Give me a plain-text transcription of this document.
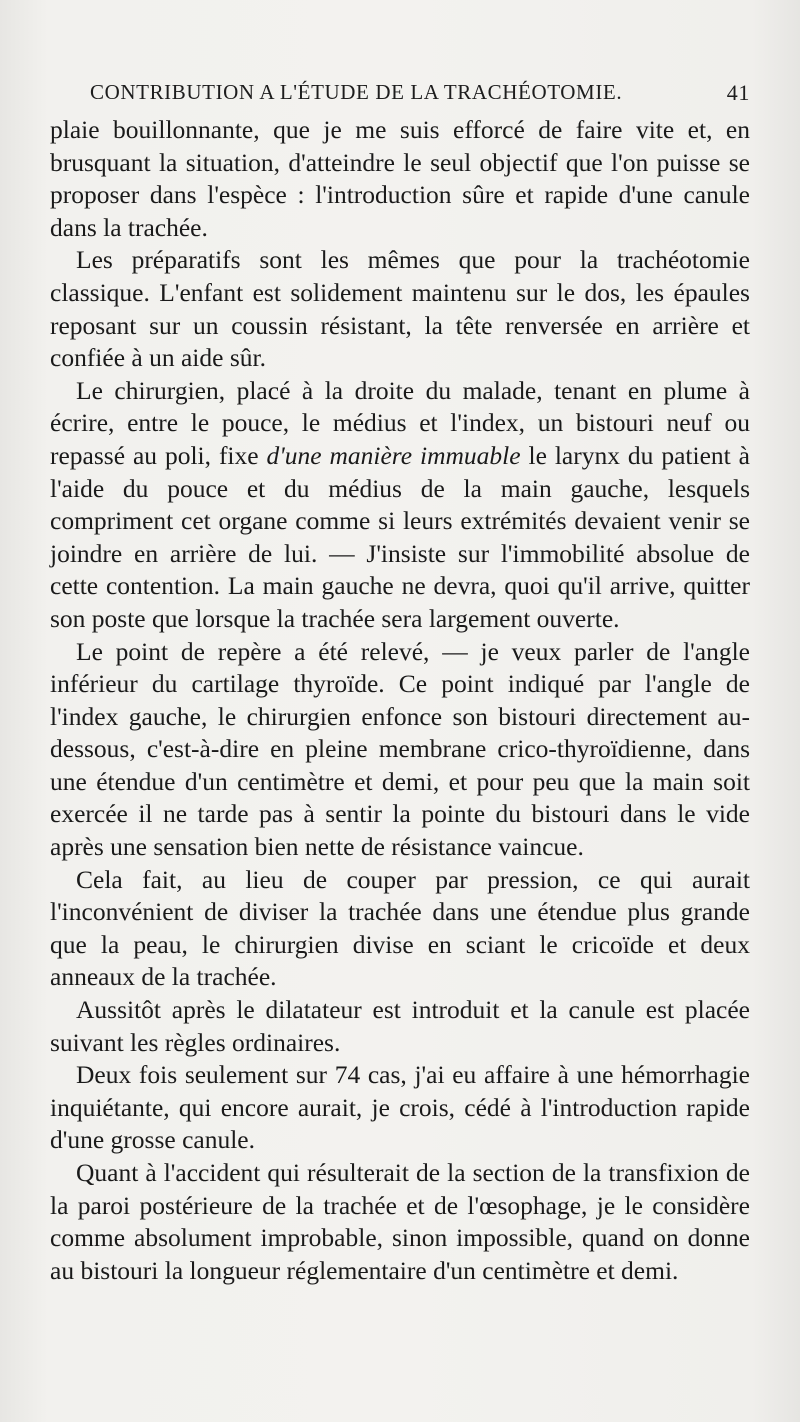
CONTRIBUTION A L'ÉTUDE DE LA TRACHÉOTOMIE.	41

plaie bouillonnante, que je me suis efforcé de faire vite et, en brusquant la situation, d'atteindre le seul objectif que l'on puisse se proposer dans l'espèce : l'introduction sûre et rapide d'une canule dans la trachée.

Les préparatifs sont les mêmes que pour la trachéotomie classique. L'enfant est solidement maintenu sur le dos, les épaules reposant sur un coussin résistant, la tête renversée en arrière et confiée à un aide sûr.

Le chirurgien, placé à la droite du malade, tenant en plume à écrire, entre le pouce, le médius et l'index, un bistouri neuf ou repassé au poli, fixe d'une manière immuable le larynx du patient à l'aide du pouce et du médius de la main gauche, lesquels compriment cet organe comme si leurs extrémités devaient venir se joindre en arrière de lui. — J'insiste sur l'immobilité absolue de cette contention. La main gauche ne devra, quoi qu'il arrive, quitter son poste que lorsque la trachée sera largement ouverte.

Le point de repère a été relevé, — je veux parler de l'angle inférieur du cartilage thyroïde. Ce point indiqué par l'angle de l'index gauche, le chirurgien enfonce son bistouri directement au-dessous, c'est-à-dire en pleine membrane crico-thyroïdienne, dans une étendue d'un centimètre et demi, et pour peu que la main soit exercée il ne tarde pas à sentir la pointe du bistouri dans le vide après une sensation bien nette de résistance vaincue.

Cela fait, au lieu de couper par pression, ce qui aurait l'inconvénient de diviser la trachée dans une étendue plus grande que la peau, le chirurgien divise en sciant le cricoïde et deux anneaux de la trachée.

Aussitôt après le dilatateur est introduit et la canule est placée suivant les règles ordinaires.

Deux fois seulement sur 74 cas, j'ai eu affaire à une hémorrhagie inquiétante, qui encore aurait, je crois, cédé à l'introduction rapide d'une grosse canule.

Quant à l'accident qui résulterait de la section de la transfixion de la paroi postérieure de la trachée et de l'œsophage, je le considère comme absolument improbable, sinon impossible, quand on donne au bistouri la longueur réglementaire d'un centimètre et demi.
